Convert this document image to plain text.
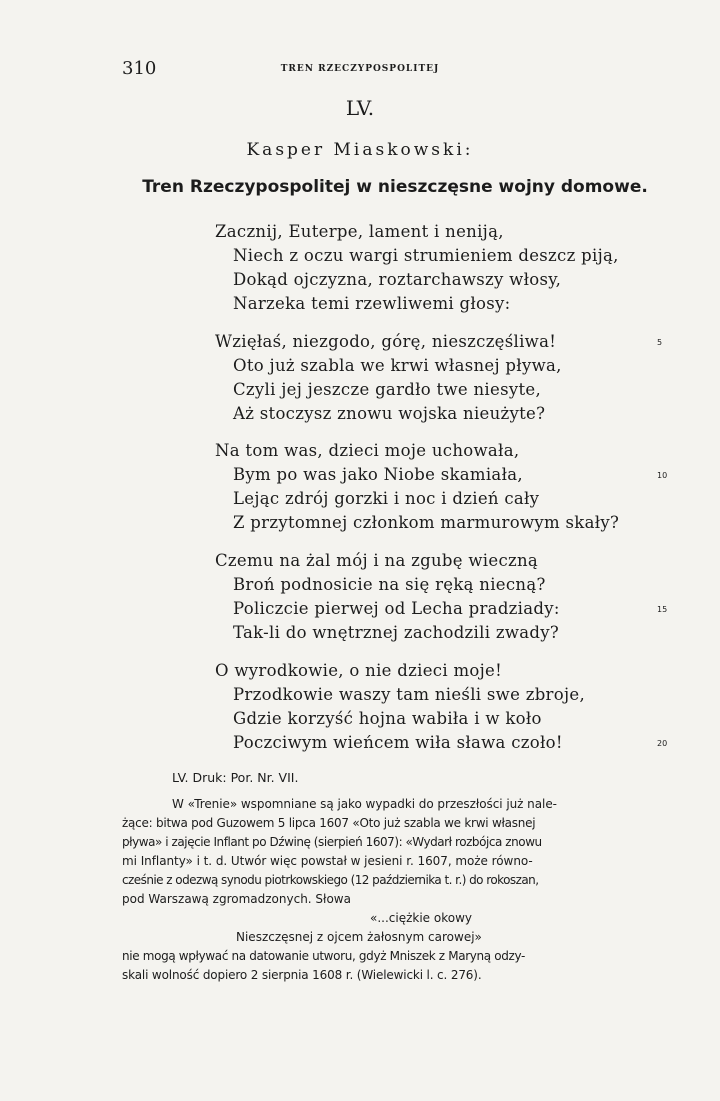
310	TREN RZECZYPOSPOLITEJ
LV.
Kasper Miaskowski:
Tren Rzeczypospolitej w nieszczęsne wojny domowe.
Zacznij, Euterpe, lament i neniją,
Niech z oczu wargi strumieniem deszcz piją,
Dokąd ojczyzna, roztarchawszy włosy,
Narzeka temi rzewliwemi głosy:
Wzięłaś, niezgodo, górę, nieszczęśliwa!	5
Oto już szabla we krwi własnej pływa,
Czyli jej jeszcze gardło twe niesyte,
Aż stoczysz znowu wojska nieużyte?
Na tom was, dzieci moje uchowała,
Bym po was jako Niobe skamiała,	10
Lejąc zdrój gorzki i noc i dzień cały
Z przytomnej członkom marmurowym skały?
Czemu na żal mój i na zgubę wieczną
Broń podnosicie na się ręką niecną?
Policzcie pierwej od Lecha pradziady:	15
Tak-li do wnętrznej zachodzili zwady?
O wyrodkowie, o nie dzieci moje!
Przodkowie waszy tam nieśli swe zbroje,
Gdzie korzyść hojna wabiła i w koło
Poczciwym wieńcem wiła sława czoło!	20
LV. Druk: Por. Nr. VII.
W «Trenie» wspomniane są jako wypadki do przeszłości już nale-
żące: bitwa pod Guzowem 5 lipca 1607 «Oto już szabla we krwi własnej
pływa» i zajęcie Inflant po Dźwinę (sierpień 1607): «Wydarł rozbójca znowu
mi Inflanty» i t. d. Utwór więc powstał w jesieni r. 1607, może równo-
cześnie z odezwą synodu piotrkowskiego (12 października t. r.) do rokoszan,
pod Warszawą zgromadzonych. Słowa
«...ciężkie okowy
Nieszczęsnej z ojcem żałosnym carowej»
nie mogą wpływać na datowanie utworu, gdyż Mniszek z Maryną odzy-
skali wolność dopiero 2 sierpnia 1608 r. (Wielewicki l. c. 276).
